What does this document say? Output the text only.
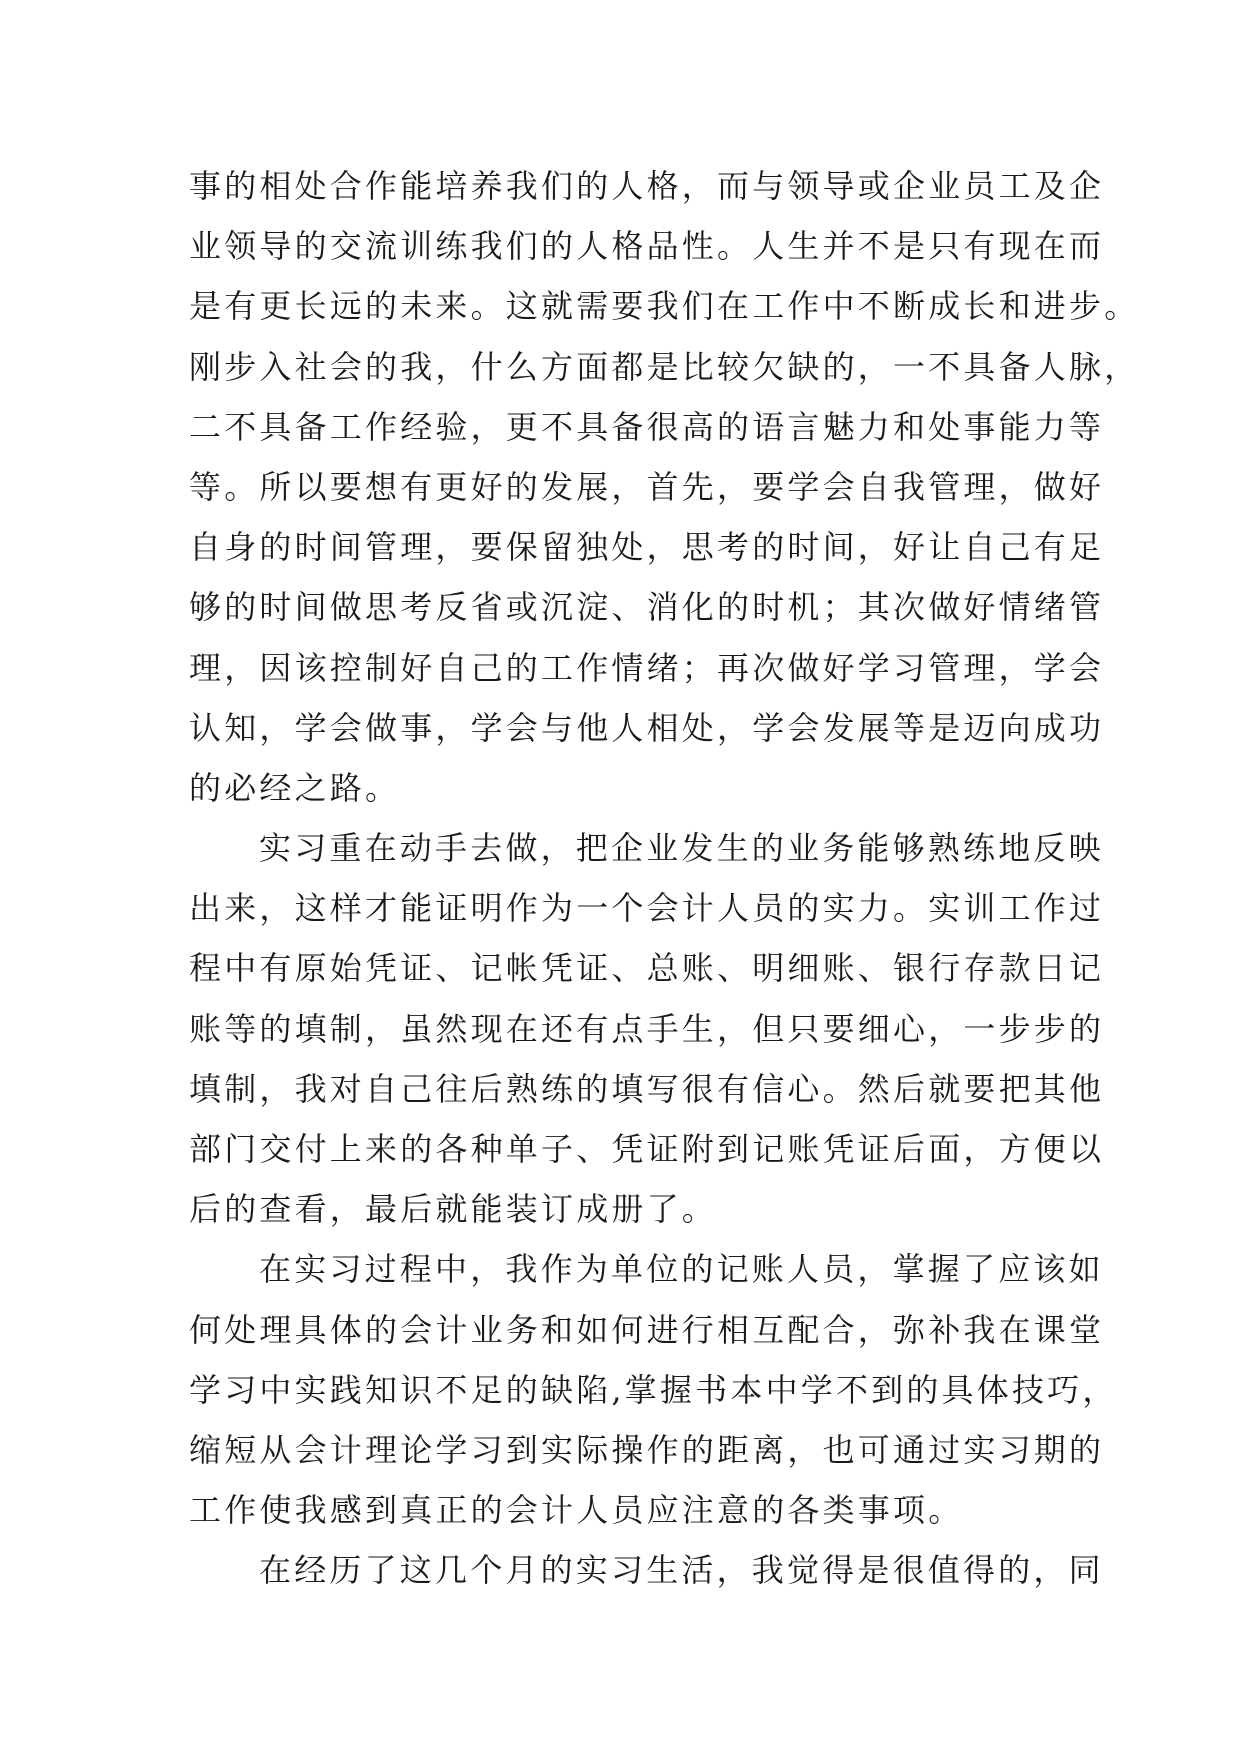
事的相处合作能培养我们的人格，而与领导或企业员工及企
业领导的交流训练我们的人格品性。人生并不是只有现在而
是有更长远的未来。这就需要我们在工作中不断成长和进步。
刚步入社会的我，什么方面都是比较欠缺的，一不具备人脉，
二不具备工作经验，更不具备很高的语言魅力和处事能力等
等。所以要想有更好的发展，首先，要学会自我管理，做好
自身的时间管理，要保留独处，思考的时间，好让自己有足
够的时间做思考反省或沉淀、消化的时机；其次做好情绪管
理，因该控制好自己的工作情绪；再次做好学习管理，学会
认知，学会做事，学会与他人相处，学会发展等是迈向成功
的必经之路。
实习重在动手去做，把企业发生的业务能够熟练地反映
出来，这样才能证明作为一个会计人员的实力。实训工作过
程中有原始凭证、记帐凭证、总账、明细账、银行存款日记
账等的填制，虽然现在还有点手生，但只要细心，一步步的
填制，我对自己往后熟练的填写很有信心。然后就要把其他
部门交付上来的各种单子、凭证附到记账凭证后面，方便以
后的查看，最后就能装订成册了。
在实习过程中，我作为单位的记账人员，掌握了应该如
何处理具体的会计业务和如何进行相互配合，弥补我在课堂
学习中实践知识不足的缺陷,掌握书本中学不到的具体技巧，
缩短从会计理论学习到实际操作的距离，也可通过实习期的
工作使我感到真正的会计人员应注意的各类事项。
在经历了这几个月的实习生活，我觉得是很值得的，同
